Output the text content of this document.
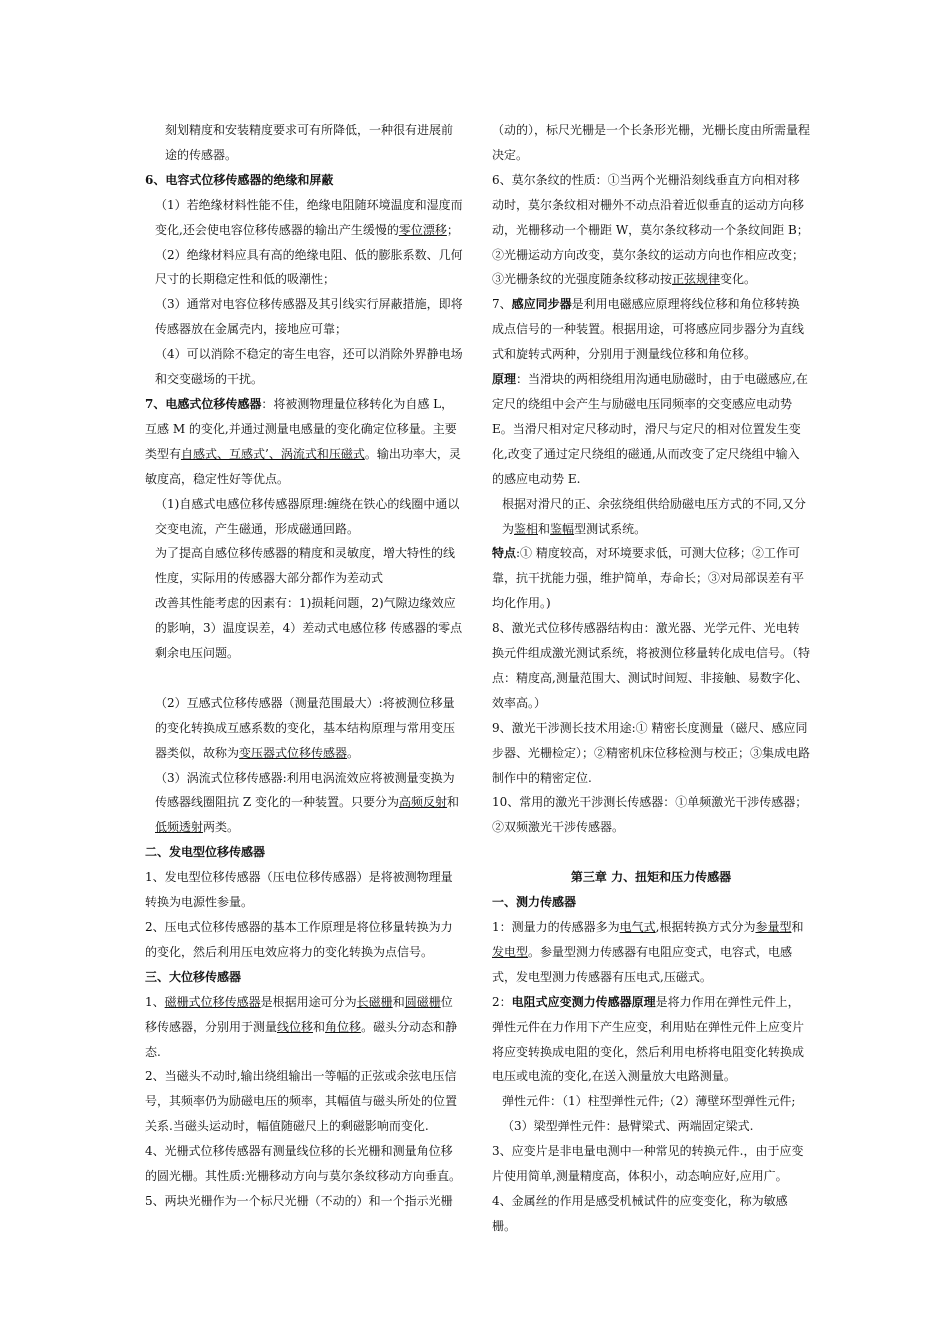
刻划精度和安装精度要求可有所降低，一种很有进展前途的传感器。

6、电容式位移传感器的绝缘和屏蔽

（1）若绝缘材料性能不佳，绝缘电阻随环境温度和湿度而变化,还会使电容位移传感器的输出产生缓慢的零位漂移；

（2）绝缘材料应具有高的绝缘电阻、低的膨胀系数、几何尺寸的长期稳定性和低的吸潮性；

（3）通常对电容位移传感器及其引线实行屏蔽措施，即将传感器放在金属壳内，接地应可靠；

（4）可以消除不稳定的寄生电容，还可以消除外界静电场和交变磁场的干扰。

7、电感式位移传感器：将被测物理量位移转化为自感 L，互感 M 的变化,并通过测量电感量的变化确定位移量。主要类型有自感式、互感式’、涡流式和压磁式。输出功率大，灵敏度高，稳定性好等优点。

（1)自感式电感位移传感器原理:缠绕在铁心的线圈中通以交变电流，产生磁通，形成磁通回路。

为了提高自感位移传感器的精度和灵敏度，增大特性的线性度，实际用的传感器大部分都作为差动式

改善其性能考虑的因素有：1)损耗问题，2)气隙边缘效应的影响，3）温度误差，4）差动式电感位移 传感器的零点剩余电压问题。

（2）互感式位移传感器（测量范围最大）:将被测位移量的变化转换成互感系数的变化，基本结构原理与常用变压器类似，故称为变压器式位移传感器。

（3）涡流式位移传感器:利用电涡流效应将被测量变换为传感器线圈阻抗 Z 变化的一种装置。只要分为高频反射和低频透射两类。

二、发电型位移传感器

1、发电型位移传感器（压电位移传感器）是将被测物理量转换为电源性参量。

2、压电式位移传感器的基本工作原理是将位移量转换为力的变化，然后利用压电效应将力的变化转换为点信号。

三、大位移传感器

1、磁栅式位移传感器是根据用途可分为长磁栅和圆磁栅位移传感器，分别用于测量线位移和角位移。磁头分动态和静态.

2、当磁头不动时,输出绕组输出一等幅的正弦或余弦电压信号，其频率仍为励磁电压的频率，其幅值与磁头所处的位置关系.当磁头运动时，幅值随磁尺上的剩磁影响而变化.

4、光栅式位移传感器有测量线位移的长光栅和测量角位移的圆光栅。其性质:光栅移动方向与莫尔条纹移动方向垂直。

5、两块光栅作为一个标尺光栅（不动的）和一个指示光栅

（动的），标尺光栅是一个长条形光栅，光栅长度由所需量程决定。

6、莫尔条纹的性质：①当两个光栅沿刻线垂直方向相对移动时，莫尔条纹相对栅外不动点沿着近似垂直的运动方向移动，光栅移动一个栅距 W，莫尔条纹移动一个条纹间距 B；②光栅运动方向改变，莫尔条纹的运动方向也作相应改变；③光栅条纹的光强度随条纹移动按正弦规律变化。

7、感应同步器是利用电磁感应原理将线位移和角位移转换成点信号的一种装置。根据用途，可将感应同步器分为直线式和旋转式两种，分别用于测量线位移和角位移。

原理：当滑块的两相绕组用沟通电励磁时，由于电磁感应,在定尺的绕组中会产生与励磁电压同频率的交变感应电动势 E。当滑尺相对定尺移动时，滑尺与定尺的相对位置发生变化,改变了通过定尺绕组的磁通,从而改变了定尺绕组中输入的感应电动势 E.

根据对滑尺的正、余弦绕组供给励磁电压方式的不同,又分为鉴相和鉴幅型测试系统。

特点:① 精度较高，对环境要求低，可测大位移；②工作可靠，抗干扰能力强，维护简单，寿命长；③对局部误差有平均化作用。)

8、激光式位移传感器结构由：激光器、光学元件、光电转换元件组成激光测试系统，将被测位移量转化成电信号。（特点：精度高,测量范围大、测试时间短、非接触、易数字化、效率高。）

9、激光干涉测长技术用途:① 精密长度测量（磁尺、感应同步器、光栅检定）；②精密机床位移检测与校正；③集成电路制作中的精密定位.

10、常用的激光干涉测长传感器：①单频激光干涉传感器；②双频激光干涉传感器。

第三章 力、扭矩和压力传感器

一、测力传感器

1：测量力的传感器多为电气式,根据转换方式分为参量型和发电型。参量型测力传感器有电阻应变式，电容式，电感式，发电型测力传感器有压电式,压磁式。

2：电阻式应变测力传感器原理是将力作用在弹性元件上，弹性元件在力作用下产生应变，利用贴在弹性元件上应变片将应变转换成电阻的变化，然后利用电桥将电阻变化转换成电压或电流的变化,在送入测量放大电路测量。

弹性元件：（1）柱型弹性元件;（2）薄壁环型弹性元件;（3）梁型弹性元件：悬臂梁式、两端固定梁式.

3、应变片是非电量电测中一种常见的转换元件.，由于应变片使用简单,测量精度高，体积小，动态响应好,应用广。

4、金属丝的作用是感受机械试件的应变变化，称为敏感栅。
